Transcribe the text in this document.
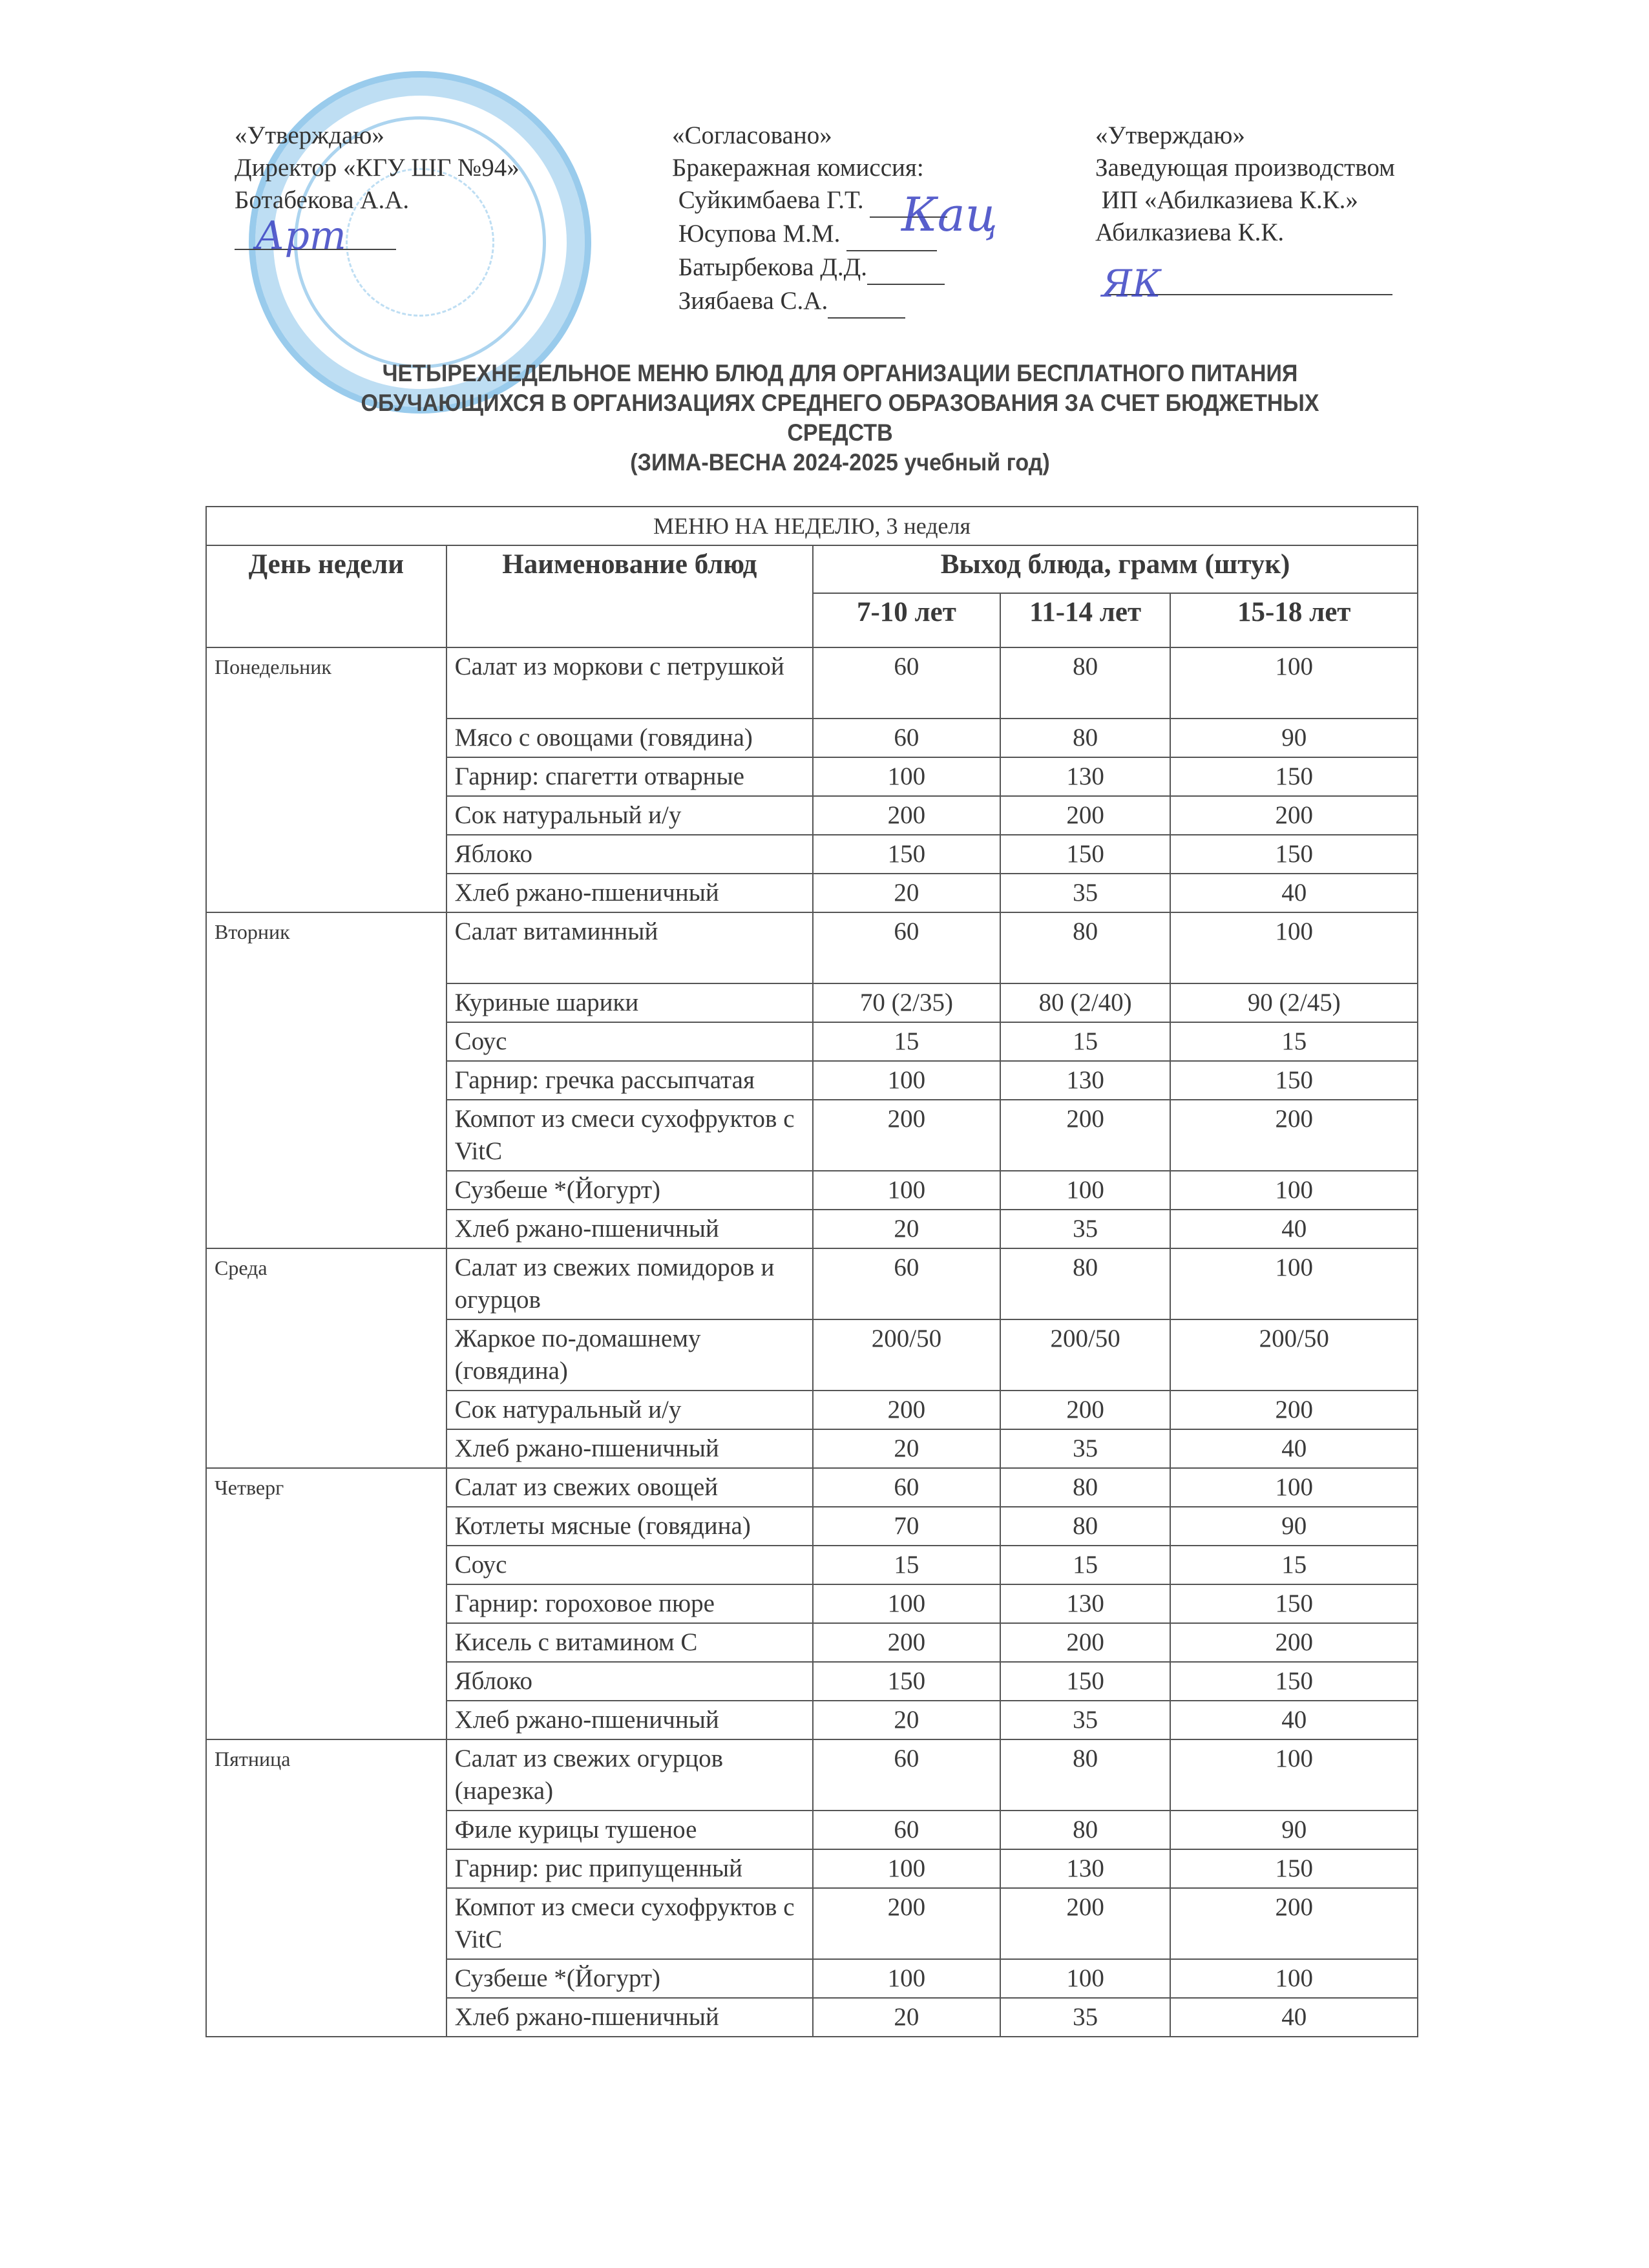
«Утверждаю»
Директор «КГУ ШГ №94»
Ботабекова А.А.

«Согласовано»
Бракеражная комиссия:
Суйкимбаева Г.Т.
Юсупова М.М.
Батырбекова Д.Д.
Зиябаева С.А.
«Утверждаю»
Заведующая производством
ИП «Абилказиева К.К.»
Абилказиева К.К.

Арт	Кац
ЯК
ЧЕТЫРЕХНЕДЕЛЬНОЕ МЕНЮ БЛЮД ДЛЯ ОРГАНИЗАЦИИ БЕСПЛАТНОГО ПИТАНИЯ
ОБУЧАЮЩИХСЯ В ОРГАНИЗАЦИЯХ СРЕДНЕГО ОБРАЗОВАНИЯ ЗА СЧЕТ БЮДЖЕТНЫХ
СРЕДСТВ
(ЗИМА-ВЕСНА 2024-2025 учебный год)
МЕНЮ НА НЕДЕЛЮ, 3 неделя				
День недели	Наименование блюд	Выход блюда, грамм (штук)		
		7-10 лет	11-14 лет	15-18 лет
Понедельник	Салат из моркови с петрушкой	60	80	100
	Мясо с овощами (говядина)	60	80	90
	Гарнир: спагетти отварные	100	130	150
	Сок натуральный и/у	200	200	200
	Яблоко	150	150	150
	Хлеб ржано-пшеничный	20	35	40
Вторник	Салат витаминный	60	80	100
	Куриные шарики	70 (2/35)	80 (2/40)	90 (2/45)
	Соус	15	15	15
	Гарнир: гречка рассыпчатая	100	130	150
	Компот из смеси сухофруктов с VitC	200	200	200
	Сузбеше *(Йогурт)	100	100	100
	Хлеб ржано-пшеничный	20	35	40
Среда	Салат из свежих помидоров и огурцов	60	80	100
	Жаркое по-домашнему (говядина)	200/50	200/50	200/50
	Сок натуральный и/у	200	200	200
	Хлеб ржано-пшеничный	20	35	40
Четверг	Салат из свежих овощей	60	80	100
	Котлеты мясные (говядина)	70	80	90
	Соус	15	15	15
	Гарнир: гороховое пюре	100	130	150
	Кисель с витамином С	200	200	200
	Яблоко	150	150	150
	Хлеб ржано-пшеничный	20	35	40
Пятница	Салат из свежих огурцов (нарезка)	60	80	100
	Филе курицы тушеное	60	80	90
	Гарнир: рис припущенный	100	130	150
	Компот из смеси сухофруктов с VitC	200	200	200
	Сузбеше *(Йогурт)	100	100	100
	Хлеб ржано-пшеничный	20	35	40
